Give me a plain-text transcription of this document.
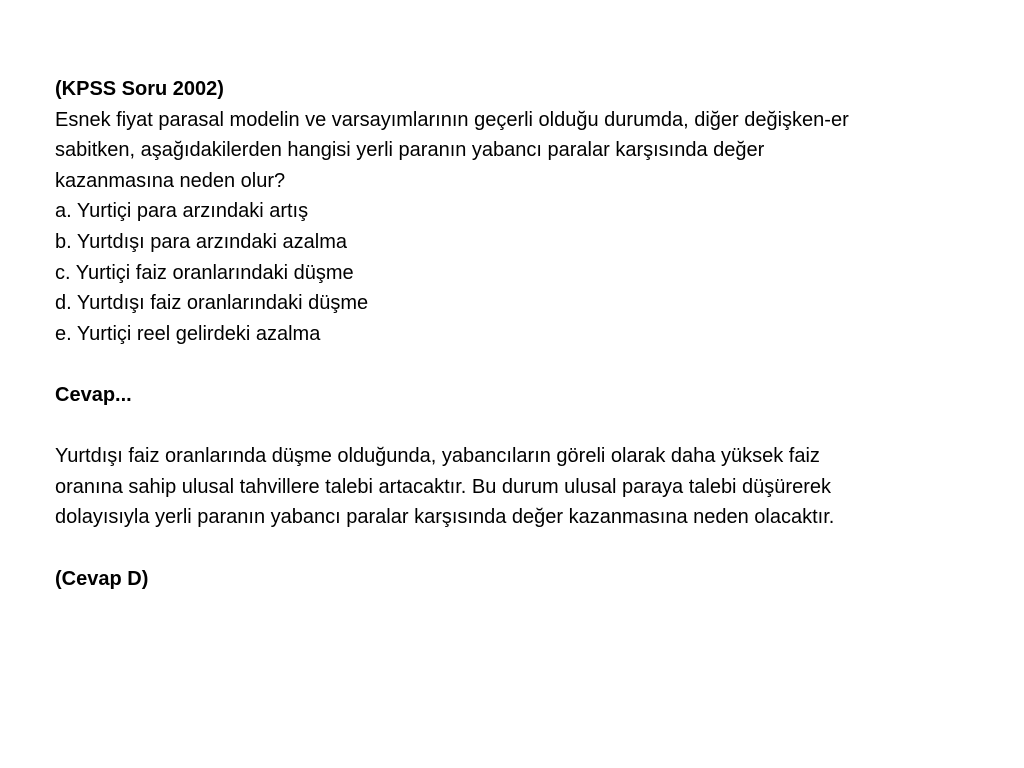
(KPSS Soru 2002)
Esnek fiyat parasal modelin ve varsayımlarının geçerli olduğu durumda, diğer değişken-er
sabitken, aşağıdakilerden hangisi yerli paranın yabancı paralar karşısında değer
kazanmasına neden olur?
a. Yurtiçi para arzındaki artış
b. Yurtdışı para arzındaki azalma
c. Yurtiçi faiz oranlarındaki düşme
d. Yurtdışı faiz oranlarındaki düşme
e. Yurtiçi reel gelirdeki azalma
Cevap...
Yurtdışı faiz oranlarında düşme olduğunda, yabancıların göreli olarak daha yüksek faiz
oranına sahip ulusal tahvillere talebi artacaktır. Bu durum ulusal paraya talebi düşürerek
dolayısıyla yerli paranın yabancı paralar karşısında değer kazanmasına neden olacaktır.
(Cevap D)
